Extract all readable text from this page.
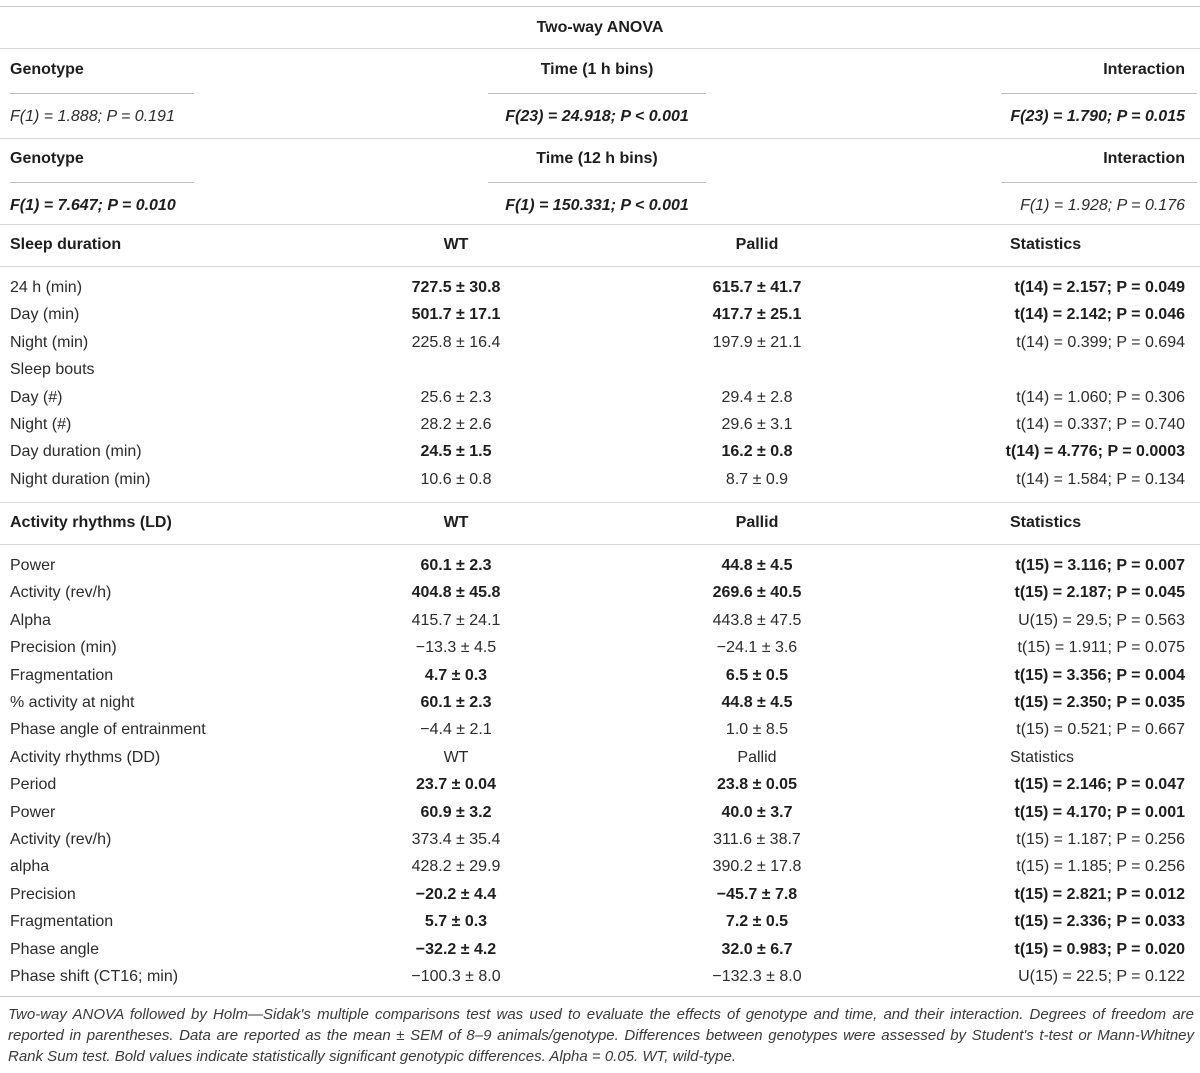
Two-way ANOVA
Genotype	Time (1 h bins)	Interaction
F(1) = 1.888; P = 0.191	F(23) = 24.918; P < 0.001	F(23) = 1.790; P = 0.015
Genotype	Time (12 h bins)	Interaction
F(1) = 7.647; P = 0.010	F(1) = 150.331; P < 0.001	F(1) = 1.928; P = 0.176
Sleep duration	WT	Pallid	Statistics
24 h (min)	727.5 ± 30.8	615.7 ± 41.7	t(14) = 2.157; P = 0.049
Day (min)	501.7 ± 17.1	417.7 ± 25.1	t(14) = 2.142; P = 0.046
Night (min)	225.8 ± 16.4	197.9 ± 21.1	t(14) = 0.399; P = 0.694
Sleep bouts
Day (#)	25.6 ± 2.3	29.4 ± 2.8	t(14) = 1.060; P = 0.306
Night (#)	28.2 ± 2.6	29.6 ± 3.1	t(14) = 0.337; P = 0.740
Day duration (min)	24.5 ± 1.5	16.2 ± 0.8	t(14) = 4.776; P = 0.0003
Night duration (min)	10.6 ± 0.8	8.7 ± 0.9	t(14) = 1.584; P = 0.134
Activity rhythms (LD)	WT	Pallid	Statistics
Power	60.1 ± 2.3	44.8 ± 4.5	t(15) = 3.116; P = 0.007
Activity (rev/h)	404.8 ± 45.8	269.6 ± 40.5	t(15) = 2.187; P = 0.045
Alpha	415.7 ± 24.1	443.8 ± 47.5	U(15) = 29.5; P = 0.563
Precision (min)	−13.3 ± 4.5	−24.1 ± 3.6	t(15) = 1.911; P = 0.075
Fragmentation	4.7 ± 0.3	6.5 ± 0.5	t(15) = 3.356; P = 0.004
% activity at night	60.1 ± 2.3	44.8 ± 4.5	t(15) = 2.350; P = 0.035
Phase angle of entrainment	−4.4 ± 2.1	1.0 ± 8.5	t(15) = 0.521; P = 0.667
Activity rhythms (DD)	WT	Pallid	Statistics
Period	23.7 ± 0.04	23.8 ± 0.05	t(15) = 2.146; P = 0.047
Power	60.9 ± 3.2	40.0 ± 3.7	t(15) = 4.170; P = 0.001
Activity (rev/h)	373.4 ± 35.4	311.6 ± 38.7	t(15) = 1.187; P = 0.256
alpha	428.2 ± 29.9	390.2 ± 17.8	t(15) = 1.185; P = 0.256
Precision	−20.2 ± 4.4	−45.7 ± 7.8	t(15) = 2.821; P = 0.012
Fragmentation	5.7 ± 0.3	7.2 ± 0.5	t(15) = 2.336; P = 0.033
Phase angle	−32.2 ± 4.2	32.0 ± 6.7	t(15) = 0.983; P = 0.020
Phase shift (CT16; min)	−100.3 ± 8.0	−132.3 ± 8.0	U(15) = 22.5; P = 0.122
Two-way ANOVA followed by Holm—Sidak's multiple comparisons test was used to evaluate the effects of genotype and time, and their interaction. Degrees of freedom are reported in parentheses. Data are reported as the mean ± SEM of 8–9 animals/genotype. Differences between genotypes were assessed by Student's t-test or Mann-Whitney Rank Sum test. Bold values indicate statistically significant genotypic differences. Alpha = 0.05. WT, wild-type.
